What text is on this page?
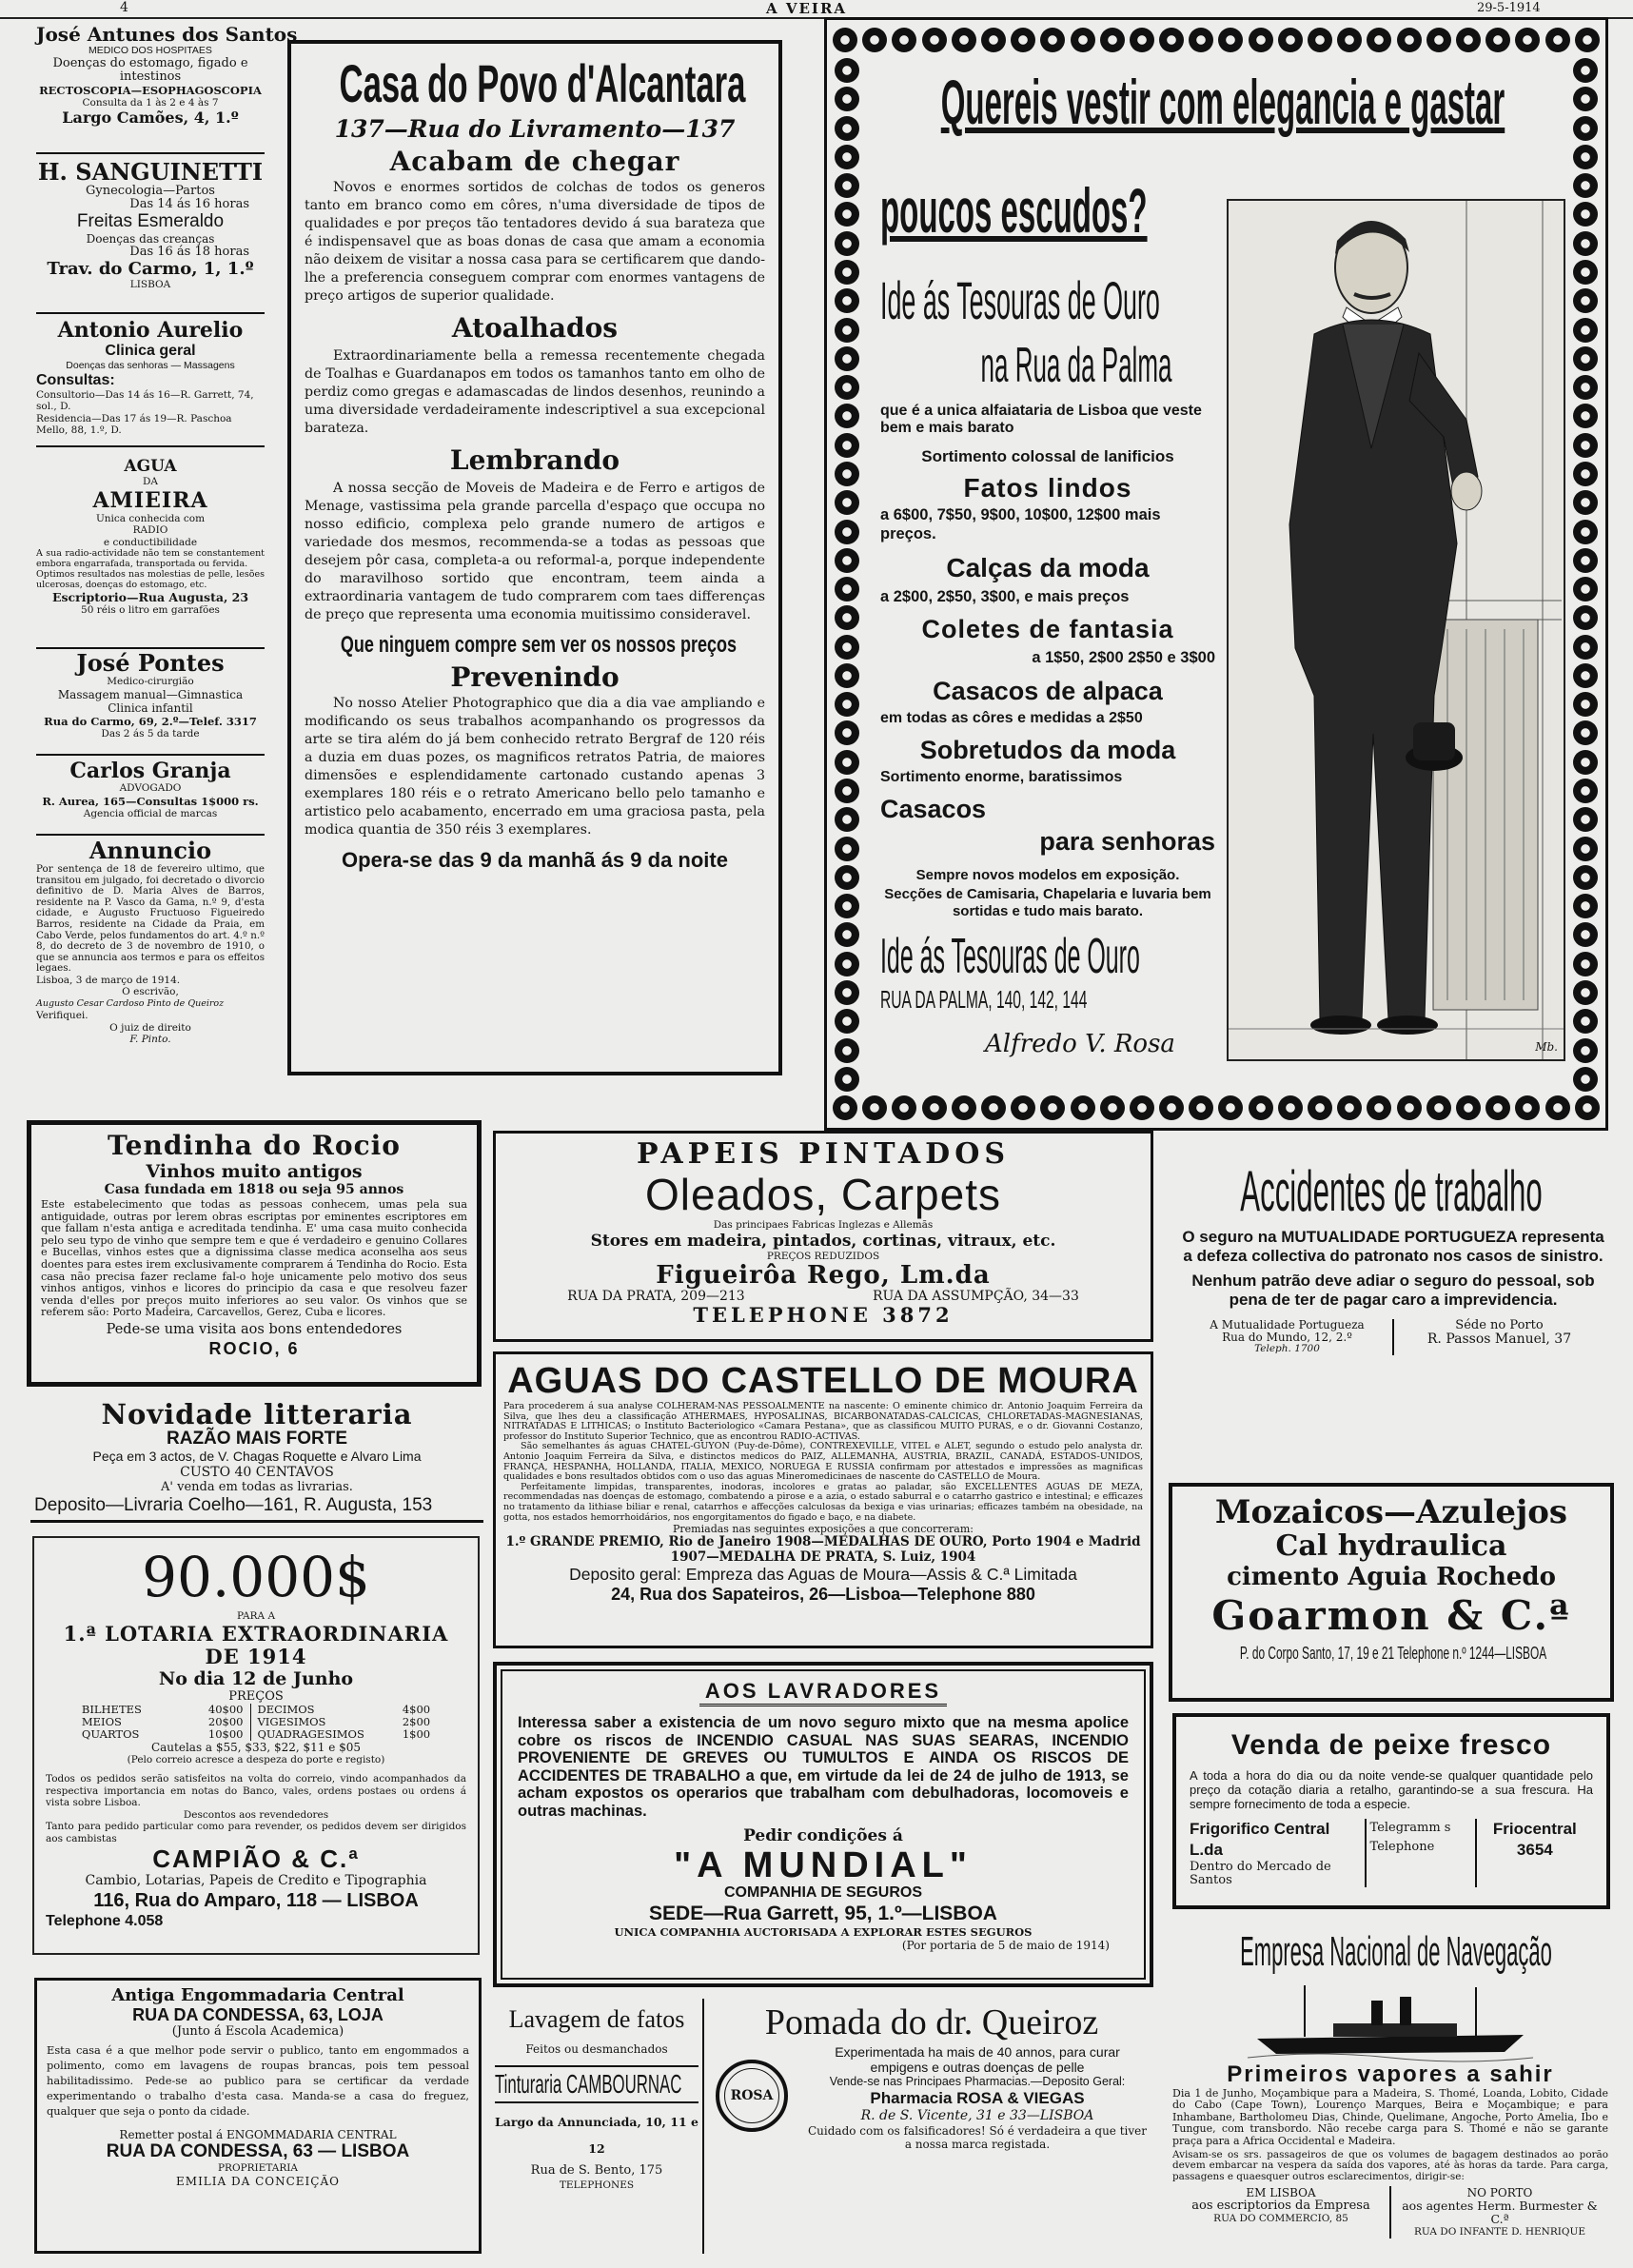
4	A VEIRA	29-5-1914
José Antunes dos Santos
MEDICO DOS HOSPITAES
Doenças do estomago, figado e intestinos
RECTOSCOPIA—ESOPHAGOSCOPIA
Consulta da 1 às 2 e 4 às 7
Largo Camões, 4, 1.º
H. SANGUINETTI
Gynecologia—Partos
Das 14 ás 16 horas
Freitas Esmeraldo
Doenças das creanças
Das 16 ás 18 horas
Trav. do Carmo, 1, 1.º
LISBOA
Antonio Aurelio
Clinica geral
Doenças das senhoras — Massagens
Consultas:
Consultorio—Das 14 ás 16—R. Garrett, 74, sol., D.
Residencia—Das 17 ás 19—R. Paschoa Mello, 88, 1.º, D.
AGUA
DA
AMIEIRA
Unica conhecida com
RADIO
e conductibilidade
A sua radio-actividade não tem se constantement embora engarrafada, transportada ou fervida.
Optimos resultados nas molestias de pelle, lesões ulcerosas, doenças do estomago, etc.
Escriptorio—Rua Augusta, 23
50 réis o litro em garrafões
José Pontes
Medico-cirurgião
Massagem manual—Gimnastica
Clinica infantil
Rua do Carmo, 69, 2.º—Telef. 3317
Das 2 ás 5 da tarde
Carlos Granja
ADVOGADO
R. Aurea, 165—Consultas 1$000 rs.
Agencia official de marcas
Annuncio
Por sentença de 18 de fevereiro ultimo, que transitou em julgado, foi decretado o divorcio definitivo de D. Maria Alves de Barros, residente na P. Vasco da Gama, n.º 9, d'esta cidade, e Augusto Fructuoso Figueiredo Barros, residente na Cidade da Praia, em Cabo Verde, pelos fundamentos do art. 4.º n.º 8, do decreto de 3 de novembro de 1910, o que se annuncia aos termos e para os effeitos legaes.
Lisboa, 3 de março de 1914.
O escrivão,
Augusto Cesar Cardoso Pinto de Queiroz
Verifiquei.
O juiz de direito
F. Pinto.
Casa do Povo d'Alcantara
137—Rua do Livramento—137
Acabam de chegar

Novos e enormes sortidos de colchas de todos os generos tanto em branco como em côres, n'uma diversidade de tipos de qualidades e por preços tão tentadores devido á sua barateza que é indispensavel que as boas donas de casa que amam a economia não deixem de visitar a nossa casa para se certificarem que dando-lhe a preferencia conseguem comprar com enormes vantagens de preço artigos de superior qualidade.

Atoalhados

Extraordinariamente bella a remessa recentemente chegada de Toalhas e Guardanapos em todos os tamanhos tanto em olho de perdiz como gregas e adamascadas de lindos desenhos, reunindo a uma diversidade verdadeiramente indescriptivel a sua excepcional barateza.

Lembrando

A nossa secção de Moveis de Madeira e de Ferro e artigos de Menage, vastissima pela grande parcella d'espaço que occupa no nosso edificio, complexa pelo grande numero de artigos e variedade dos mesmos, recommenda-se a todas as pessoas que desejem pôr casa, completa-a ou reformal-a, porque independente do maravilhoso sortido que encontram, teem ainda a extraordinaria vantagem de tudo comprarem com taes differenças de preço que representa uma economia muitissimo consideravel.

Que ninguem compre sem ver os nossos preços
Prevenindo

No nosso Atelier Photographico que dia a dia vae ampliando e modificando os seus trabalhos acompanhando os progressos da arte se tira além do já bem conhecido retrato Bergraf de 120 réis a duzia em duas pozes, os magnificos retratos Patria, de maiores dimensões e esplendidamente cartonado custando apenas 3 exemplares 180 réis e o retrato Americano bello pelo tamanho e artistico pelo acabamento, encerrado em uma graciosa pasta, pela modica quantia de 350 réis 3 exemplares.

Opera-se das 9 da manhã ás 9 da noite
Quereis vestir com elegancia e gastar
poucos escudos?
Ide ás Tesouras de Ouro
na Rua da Palma
que é a unica alfaiataria de Lisboa que veste bem e mais barato
Sortimento colossal de lanificios
Fatos lindos
a 6$00, 7$50, 9$00, 10$00, 12$00 mais preços.
Calças da moda
a 2$00, 2$50, 3$00, e mais preços
Coletes de fantasia
a 1$50, 2$00 2$50 e 3$00
Casacos de alpaca
em todas as côres e medidas a 2$50
Sobretudos da moda
Sortimento enorme, baratissimos
Casacos
para senhoras
Sempre novos modelos em exposição.
Secções de Camisaria, Chapelaria e luvaria bem sortidas e tudo mais barato.
Ide ás Tesouras de Ouro
RUA DA PALMA, 140, 142, 144
Alfredo V. Rosa	Mb.
Tendinha do Rocio
Vinhos muito antigos
Casa fundada em 1818 ou seja 95 annos

Este estabelecimento que todas as pessoas conhecem, umas pela sua antiguidade, outras por lerem obras escriptas por eminentes escriptores em que fallam n'esta antiga e acreditada tendinha. E' uma casa muito conhecida pelo seu typo de vinho que sempre tem e que é verdadeiro e genuino Collares e Bucellas, vinhos estes que a dignissima classe medica aconselha aos seus doentes para estes irem exclusivamente comprarem á Tendinha do Rocio. Esta casa não precisa fazer reclame fal-o hoje unicamente pelo motivo dos seus vinhos antigos, vinhos e licores do principio da casa e que resolveu fazer venda d'elles por preços muito inferiores ao seu valor. Os vinhos que se referem são: Porto Madeira, Carcavellos, Gerez, Cuba e licores.

Pede-se uma visita aos bons entendedores
ROCIO, 6
Novidade litteraria
RAZÃO MAIS FORTE
Peça em 3 actos, de V. Chagas Roquette e Alvaro Lima
CUSTO 40 CENTAVOS
A' venda em todas as livrarias.
Deposito—Livraria Coelho—161, R. Augusta, 153
90.000$
PARA A
1.ª LOTARIA EXTRAORDINARIA DE 1914
No dia 12 de Junho
PREÇOS
BILHETES	40$00	DECIMOS	4$00
MEIOS	20$00	VIGESIMOS	2$00
QUARTOS	10$00	QUADRAGESIMOS	1$00
Cautelas a $55, $33, $22, $11 e $05
(Pelo correio acresce a despeza do porte e registo)

Todos os pedidos serão satisfeitos na volta do correio, vindo acompanhados da respectiva importancia em notas do Banco, vales, ordens postaes ou ordens á vista sobre Lisboa.

Descontos aos revendedores

Tanto para pedido particular como para revender, os pedidos devem ser dirigidos aos cambistas

CAMPIÃO & C.ª
Cambio, Lotarias, Papeis de Credito e Tipographia
116, Rua do Amparo, 118 — LISBOA
Telephone 4.058
Antiga Engommadaria Central
RUA DA CONDESSA, 63, LOJA
(Junto á Escola Academica)

Esta casa é a que melhor pode servir o publico, tanto em engommados a polimento, como em lavagens de roupas brancas, pois tem pessoal habilitadissimo. Pede-se ao publico para se certificar da verdade experimentando o trabalho d'esta casa. Manda-se a casa do freguez, qualquer que seja o ponto da cidade.

Remetter postal á ENGOMMADARIA CENTRAL
RUA DA CONDESSA, 63 — LISBOA
PROPRIETARIA
EMILIA DA CONCEIÇÃO
PAPEIS PINTADOS
Oleados, Carpets
Das principaes Fabricas Inglezas e Allemãs
Stores em madeira, pintados, cortinas, vitraux, etc.
PREÇOS REDUZIDOS
Figueirôa Rego, Lm.da
RUA DA PRATA, 209—213	RUA DA ASSUMPÇÃO, 34—33
TELEPHONE 3872
AGUAS DO CASTELLO DE MOURA

Para procederem á sua analyse COLHERAM-NAS PESSOALMENTE na nascente: O eminente chimico dr. Antonio Joaquim Ferreira da Silva, que lhes deu a classificação ATHERMAES, HYPOSALINAS, BICARBONATADAS-CALCICAS, CHLORETADAS-MAGNESIANAS, NITRATADAS E LITHICAS; o Instituto Bacteriologico «Camara Pestana», que as classificou MUITO PURAS, e o dr. Giovanni Costanzo, professor do Instituto Superior Technico, que as encontrou RADIO-ACTIVAS.

São semelhantes ás aguas CHATEL-GUYON (Puy-de-Dôme), CONTREXEVILLE, VITEL e ALET, segundo o estudo pelo analysta dr. Antonio Joaquim Ferreira da Silva, e distinctos medicos do PAIZ, ALLEMANHA, AUSTRIA, BRAZIL, CANADÁ, ESTADOS-UNIDOS, FRANÇA, HESPANHA, HOLLANDA, ITALIA, MEXICO, NORUEGA E RUSSIA confirmam por attestados e impressões as magnificas qualidades e bons resultados obtidos com o uso das aguas Mineromedicinaes de nascente do CASTELLO de Moura.

Perfeitamente limpidas, transparentes, inodoras, incolores e gratas ao paladar, são EXCELLENTES AGUAS DE MEZA, recommendadas nas doenças de estomago, combatendo a pirose e a azia, o estado saburral e o catarrho gastrico e intestinal; e efficazes no tratamento da lithiase biliar e renal, catarrhos e affecções calculosas da bexiga e vias urinarias; efficazes também na obesidade, na gotta, nos estados hemorrhoidários, nos engorgitamentos do figado e baço, e na diabete.

Premiadas nas seguintes exposições a que concorreram:
1.º GRANDE PREMIO, Rio de Janeiro 1908—MEDALHAS DE OURO, Porto 1904 e Madrid 1907—MEDALHA DE PRATA, S. Luiz, 1904
Deposito geral: Empreza das Aguas de Moura—Assis & C.ª Limitada
24, Rua dos Sapateiros, 26—Lisboa—Telephone 880
AOS LAVRADORES

Interessa saber a existencia de um novo seguro mixto que na mesma apolice cobre os riscos de INCENDIO CASUAL NAS SUAS SEARAS, INCENDIO PROVENIENTE DE GREVES OU TUMULTOS E AINDA OS RISCOS DE ACCIDENTES DE TRABALHO a que, em virtude da lei de 24 de julho de 1913, se acham expostos os operarios que trabalham com debulhadoras, locomoveis e outras machinas.

Pedir condições á
"A MUNDIAL"
COMPANHIA DE SEGUROS
SEDE—Rua Garrett, 95, 1.º—LISBOA
UNICA COMPANHIA AUCTORISADA A EXPLORAR ESTES SEGUROS
(Por portaria de 5 de maio de 1914)
Lavagem de fatos
Feitos ou desmanchados
Tinturaria CAMBOURNAC
Largo da Annunciada, 10, 11 e 12
Rua de S. Bento, 175
TELEPHONES
Pomada do dr. Queiroz
ROSA
Experimentada ha mais de 40 annos, para curar empigens e outras doenças de pelle
Vende-se nas Principaes Pharmacias.—Deposito Geral:
Pharmacia ROSA & VIEGAS
R. de S. Vicente, 31 e 33—LISBOA
Cuidado com os falsificadores! Só é verdadeira a que tiver a nossa marca registada.
Accidentes de trabalho

O seguro na MUTUALIDADE PORTUGUEZA representa a defeza collectiva do patronato nos casos de sinistro.

Nenhum patrão deve adiar o seguro do pessoal, sob pena de ter de pagar caro a imprevidencia.

A Mutualidade Portugueza
Rua do Mundo, 12, 2.º
Teleph. 1700
Séde no Porto
R. Passos Manuel, 37
Mozaicos—Azulejos
Cal hydraulica
cimento Aguia Rochedo
Goarmon & C.ª
P. do Corpo Santo, 17, 19 e 21 Telephone n.º 1244—LISBOA
Venda de peixe fresco

A toda a hora do dia ou da noite vende-se qualquer quantidade pelo preço da cotação diaria a retalho, garantindo-se a sua frescura. Ha sempre fornecimento de toda a especie.

Frigorifico Central L.da
Dentro do Mercado de Santos
Telegramm s
Telephone
Friocentral
3654
Empresa Nacional de Navegação
Primeiros vapores a sahir

Dia 1 de Junho, Moçambique para a Madeira, S. Thomé, Loanda, Lobito, Cidade do Cabo (Cape Town), Lourenço Marques, Beira e Moçambique; e para Inhambane, Bartholomeu Dias, Chinde, Quelimane, Angoche, Porto Amelia, Ibo e Tungue, com transbordo. Não recebe carga para S. Thomé e não se garante praça para a Africa Occidental e Madeira.

Avisam-se os srs. passageiros de que os volumes de bagagem destinados ao porão devem embarcar na vespera da saída dos vapores, até às horas da tarde. Para carga, passagens e quaesquer outros esclarecimentos, dirigir-se:

EM LISBOA
aos escriptorios da Empresa
RUA DO COMMERCIO, 85
NO PORTO
aos agentes Herm. Burmester & C.ª
RUA DO INFANTE D. HENRIQUE
